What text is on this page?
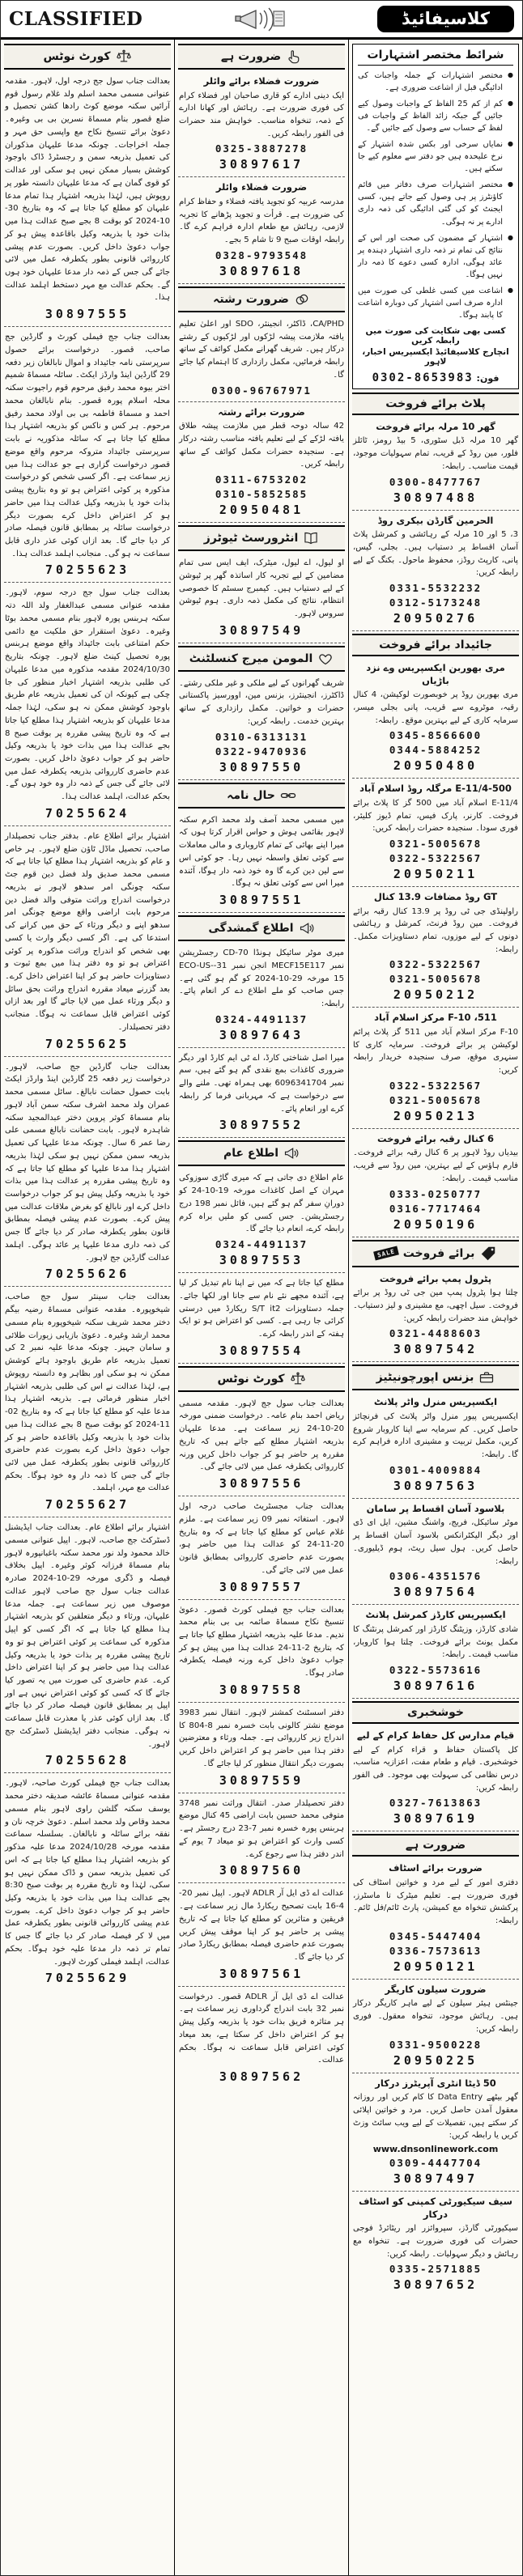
CLASSIFIED	کلاسیفائیڈ
کورٹ نوٹس
بعدالت جناب سول جج درجہ اول، لاہور۔ مقدمہ عنوانی مسمی محمد اسلم ولد غلام رسول قوم آرائیں سکنہ موضع کوٹ رادھا کشن تحصیل و ضلع قصور بنام مسماۃ نسرین بی بی وغیرہ۔ دعویٰ برائے تنسیخ نکاح مع واپسی حق مہر و جملہ اخراجات۔ چونکہ مدعا علیہان مذکوران کی تعمیل بذریعہ سمن و رجسٹرڈ ڈاک باوجود کوشش بسیار ممکن نہیں ہو سکی اور عدالت کو قوی گمان ہے کہ مدعا علیہان دانستہ طور پر روپوش ہیں، لہٰذا بذریعہ اشتہار ہذا تمام مدعا علیہان کو مطلع کیا جاتا ہے کہ وہ بتاریخ 30-10-2024 کو بوقت 8 بجے صبح عدالت ہذا میں بذات خود یا بذریعہ وکیل باقاعدہ پیش ہو کر جواب دعویٰ داخل کریں۔ بصورت عدم پیشی کارروائی قانونی بطور یکطرفہ عمل میں لائی جائے گی جس کے ذمہ دار مدعا علیہان خود ہوں گے۔ بحکم عدالت مع مہر دستخط اہلمد عدالت ہذا۔
30897555
بعدالت جناب جج فیملی کورٹ و گارڈین جج صاحب، قصور۔ درخواست برائے حصول سرپرستی نامہ جائیداد و اموال نابالغان زیر دفعہ 29 گارڈین اینڈ وارڈز ایکٹ۔ سائلہ مسماۃ شمیم اختر بیوہ محمد رفیق مرحوم قوم راجپوت سکنہ محلہ اسلام پورہ قصور۔ بنام نابالغان محمد احمد و مسماۃ فاطمہ بی بی اولاد محمد رفیق مرحوم۔ ہر کس و ناکس کو بذریعہ اشتہار ہذا مطلع کیا جاتا ہے کہ سائلہ مذکوریہ نے بابت سرپرستی جائیداد متروکہ مرحوم واقع موضع قصور درخواست گزاری ہے جو عدالت ہذا میں زیر سماعت ہے۔ اگر کسی شخص کو درخواست مذکورہ پر کوئی اعتراض ہو تو وہ بتاریخ پیشی بذات خود یا بذریعہ وکیل عدالت ہذا میں حاضر ہو کر اعتراض داخل کرے بصورت دیگر درخواست سائلہ پر بمطابق قانون فیصلہ صادر کر دیا جائے گا۔ بعد ازاں کوئی عذر داری قابل سماعت نہ ہو گی۔ منجانب اہلمد عدالت ہذا۔
70255623
بعدالت جناب سول جج درجہ سوم، لاہور۔ مقدمہ عنوانی مسمی عبدالغفار ولد اللہ دتہ سکنہ ہربنس پورہ لاہور بنام مسمی محمد بوٹا وغیرہ۔ دعویٰ استقرار حق ملکیت مع دائمی حکم امتناعی بابت جائیداد واقع موضع ہربنس پورہ تحصیل کینٹ ضلع لاہور۔ چونکہ بتاریخ 2024/10/30 مقدمہ مذکورہ میں مدعا علیہان کی طلبی بذریعہ اشتہار اخبار منظور کی جا چکی ہے کیونکہ ان کی تعمیل بذریعہ عام طریق باوجود کوشش ممکن نہ ہو سکی، لہٰذا جملہ مدعا علیہان کو بذریعہ اشتہار ہذا مطلع کیا جاتا ہے کہ وہ تاریخ پیشی مقررہ پر بوقت صبح 8 بجے عدالت ہذا میں بذات خود یا بذریعہ وکیل حاضر ہو کر جواب دعویٰ داخل کریں۔ بصورت عدم حاضری کارروائی بذریعہ یکطرفہ عمل میں لائی جائے گی جس کے ذمہ دار وہ خود ہوں گے۔ بحکم عدالت، اہلمد عدالت ہذا۔
70255624
اشتہار برائے اطلاع عام۔ بدفتر جناب تحصیلدار صاحب، تحصیل ماڈل ٹاؤن ضلع لاہور۔ ہر خاص و عام کو بذریعہ اشتہار ہذا مطلع کیا جاتا ہے کہ مسمی محمد صدیق ولد فضل دین قوم جٹ سکنہ چونگی امر سدھو لاہور نے بذریعہ درخواست اندراج وراثت متوفی والد فضل دین مرحوم بابت اراضی واقع موضع چونگی امر سدھو اپنے و دیگر ورثاء کے حق میں کرانے کی استدعا کی ہے۔ اگر کسی دیگر وارث یا کسی بھی شخص کو اندراج وراثت مذکورہ پر کوئی اعتراض ہو تو وہ دفتر ہذا میں بمع ثبوت و دستاویزات حاضر ہو کر اپنا اعتراض داخل کرے۔ بعد گزرنے میعاد مقررہ اندراج وراثت بحق سائل و دیگر ورثاء عمل میں لایا جائے گا اور بعد ازاں کوئی اعتراض قابل سماعت نہ ہوگا۔ منجانب دفتر تحصیلدار۔
70255625
بعدالت جناب گارڈین جج صاحب، لاہور۔ درخواست زیر دفعہ 25 گارڈین اینڈ وارڈز ایکٹ بابت حصول حضانت نابالغ۔ سائل مسمی محمد عمران ولد محمد اشرف سکنہ سمن آباد لاہور بنام مسماۃ کوثر پروین دختر عبدالمجید سکنہ شاہدرہ لاہور۔ بابت حضانت نابالغ مسمی علی رضا عمر 6 سال۔ چونکہ مدعا علیہا کی تعمیل بذریعہ سمن ممکن نہیں ہو سکی لہٰذا بذریعہ اشتہار ہذا مدعا علیہا کو مطلع کیا جاتا ہے کہ وہ تاریخ پیشی مقررہ پر عدالت ہذا میں بذات خود یا بذریعہ وکیل پیش ہو کر جواب درخواست داخل کرے اور نابالغ کو بغرض ملاقات عدالت میں پیش کرے۔ بصورت عدم پیشی فیصلہ بمطابق قانون بطور یکطرفہ صادر کر دیا جائے گا جس کی ذمہ داری مدعا علیہا پر عائد ہوگی۔ اہلمد عدالت گارڈین جج لاہور۔
70255626
بعدالت جناب سینئر سول جج صاحب، شیخوپورہ۔ مقدمہ عنوانی مسماۃ رضیہ بیگم دختر محمد شریف سکنہ شیخوپورہ بنام مسمی محمد ارشد وغیرہ۔ دعویٰ بازیابی زیورات طلائی و سامان جہیز۔ چونکہ مدعا علیہ نمبر 2 کی تعمیل بذریعہ عام طریق باوجود ہائے کوشش ممکن نہ ہو سکی اور بظاہر وہ دانستہ روپوش ہے، لہٰذا عدالت نے اس کی طلبی بذریعہ اشتہار اخبار منظور فرمائی ہے۔ بذریعہ اشتہار ہذا مدعا علیہ کو مطلع کیا جاتا ہے کہ وہ بتاریخ 02-11-2024 کو بوقت صبح 8 بجے عدالت ہذا میں بذات خود یا بذریعہ وکیل باقاعدہ حاضر ہو کر جواب دعویٰ داخل کرے بصورت عدم حاضری کارروائی قانونی بطور یکطرفہ عمل میں لائی جائے گی جس کا ذمہ دار وہ خود ہوگا۔ بحکم عدالت مع مہر، اہلمد۔
70255627
اشتہار برائے اطلاع عام۔ بعدالت جناب ایڈیشنل ڈسٹرکٹ جج صاحب، لاہور۔ اپیل عنوانی مسمی خالد محمود ولد نور محمد سکنہ باغبانپورہ لاہور بنام مسماۃ فرزانہ کوثر وغیرہ۔ اپیل بخلاف فیصلہ و ڈگری مورخہ 29-10-2024 صادرہ عدالت جناب سول جج صاحب لاہور عدالت موصوف میں زیر سماعت ہے۔ جملہ مدعا علیہان، ورثاء و دیگر متعلقین کو بذریعہ اشتہار ہذا مطلع کیا جاتا ہے کہ اگر کسی کو اپیل مذکورہ کی سماعت پر کوئی اعتراض ہو تو وہ تاریخ پیشی مقررہ پر بذات خود یا بذریعہ وکیل عدالت ہذا میں حاضر ہو کر اپنا اعتراض داخل کرے۔ عدم حاضری کی صورت میں یہ تصور کیا جائے گا کہ کسی کو کوئی اعتراض نہیں ہے اور اپیل پر بمطابق قانون فیصلہ صادر کر دیا جائے گا۔ بعد ازاں کوئی عذر یا معذرت قابل سماعت نہ ہوگی۔ منجانب دفتر ایڈیشنل ڈسٹرکٹ جج لاہور۔
70255628
بعدالت جناب جج فیملی کورٹ صاحبہ، لاہور۔ مقدمہ عنوانی مسماۃ عائشہ صدیقہ دختر محمد یوسف سکنہ گلشن راوی لاہور بنام مسمی محمد وقاص ولد محمد اسلم۔ دعویٰ خرچہ نان و نفقہ برائے سائلہ و نابالغان۔ بسلسلہ سماعت مقدمہ مورخہ 2024/10/28 مدعا علیہ مذکور کو بذریعہ اشتہار ہذا مطلع کیا جاتا ہے کہ اس کی تعمیل بذریعہ سمن و ڈاک ممکن نہیں ہو سکی، لہٰذا وہ تاریخ مقررہ پر بوقت صبح 8:30 بجے عدالت ہذا میں بذات خود یا بذریعہ وکیل حاضر ہو کر جواب دعویٰ داخل کرے۔ بصورت عدم پیشی کارروائی قانونی بطور یکطرفہ عمل میں لا کر فیصلہ صادر کر دیا جائے گا جس کا تمام تر ذمہ دار مدعا علیہ خود ہوگا۔ بحکم عدالت، اہلمد فیملی کورٹ لاہور۔
70255629
ضرورت ہے
ضرورت فضلاء برائے وائلر
ایک دینی ادارے کو قاری صاحبان اور فضلاء کرام کی فوری ضرورت ہے۔ رہائش اور کھانا ادارے کے ذمہ، تنخواہ مناسب۔ خواہش مند حضرات فی الفور رابطہ کریں۔
0325-3887278
30897617
ضرورت فضلاء وائلر
مدرسہ عربیہ کو تجوید یافتہ فضلاء و حفاظ کرام کی ضرورت ہے۔ قرأت و تجوید پڑھانے کا تجربہ لازمی، رہائش مع طعام ادارہ فراہم کرے گا۔ رابطہ اوقات صبح 9 تا شام 5 بجے۔
0328-9793548
30897618
ضرورت رشتہ
CA/PHD، ڈاکٹر، انجینئر، SDO اور اعلیٰ تعلیم یافتہ ملازمت پیشہ لڑکوں اور لڑکیوں کے رشتے درکار ہیں۔ شریف گھرانے مکمل کوائف کے ساتھ رابطہ فرمائیں، مکمل رازداری کا اہتمام کیا جائے گا۔
0300-96767971
ضرورت برائے رشتہ
42 سالہ دوحہ قطر میں ملازمت پیشہ طلاق یافتہ لڑکے کے لیے تعلیم یافتہ مناسب رشتہ درکار ہے۔ سنجیدہ حضرات مکمل کوائف کے ساتھ رابطہ کریں۔
0311-6753202
0310-5852585
20950481
انٹرورسٹ ٹیوٹرز
او لیول، اے لیول، میٹرک، ایف ایس سی تمام مضامین کے لیے تجربہ کار اساتذہ گھر پر ٹیوشن کے لیے دستیاب ہیں۔ کیمبرج سسٹم کا خصوصی انتظام، نتائج کی مکمل ذمہ داری۔ ہوم ٹیوشن سروس لاہور۔
30897549
المومن میرج کنسلٹنٹ
شریف گھرانوں کے لیے ملکی و غیر ملکی رشتے۔ ڈاکٹرز، انجینئرز، بزنس مین، اوورسیز پاکستانی حضرات و خواتین۔ مکمل رازداری کے ساتھ بہترین خدمت۔ رابطہ کریں:
0310-6313131
0322-9470936
30897550
حال نامہ
میں مسمی محمد آصف ولد محمد اکرم سکنہ لاہور بقائمی ہوش و حواس اقرار کرتا ہوں کہ میرا اپنے بھائی کے تمام کاروباری و مالی معاملات سے کوئی تعلق واسطہ نہیں رہا۔ جو کوئی اس سے لین دین کرے گا وہ خود ذمہ دار ہوگا، آئندہ میرا اس سے کوئی تعلق نہ ہوگا۔
30897551
اطلاع گمشدگی
میری موٹر سائیکل ہونڈا CD-70 رجسٹریشن نمبر MECF15E117 انجن نمبر 31-ECO-US-15 مورخہ 29-10-2024 کو گم ہو گئی ہے۔ جس صاحب کو ملے اطلاع دے کر انعام پائے۔ رابطہ:
0324-4491137
30897643
میرا اصل شناختی کارڈ، اے ٹی ایم کارڈ اور دیگر ضروری کاغذات بمع نقدی گم ہو گئے ہیں، سم نمبر 6096341704 بھی ہمراہ تھی۔ ملنے والے سے درخواست ہے کہ مہربانی فرما کر رابطہ کرے اور انعام پائے۔
30897552
اطلاع عام
عام اطلاع دی جاتی ہے کہ میری گاڑی سوزوکی مہران کے اصل کاغذات مورخہ 19-10-24 کو دورانِ سفر گم ہو گئے ہیں، فائل نمبر 198 درج رجسٹریشن۔ جس کسی کو ملیں براہ کرم رابطہ کرے، انعام دیا جائے گا۔
0324-4491137
30897553
مطلع کیا جاتا ہے کہ میں نے اپنا نام تبدیل کر لیا ہے، آئندہ مجھے نئے نام سے جانا اور لکھا جائے۔ جملہ دستاویزات S/T it2 ریکارڈ میں درستی کرائی جا رہی ہے۔ کسی کو اعتراض ہو تو ایک ہفتہ کے اندر رابطہ کرے۔
30897554
کورٹ نوٹس
بعدالت جناب سول جج لاہور۔ مقدمہ مسمی ریاض احمد بنام عامہ۔ درخواست ضمنی مورخہ 20-10-24 زیر سماعت ہے۔ مدعا علیہان بذریعہ اشتہار مطلع کیے جاتے ہیں کہ تاریخ مقررہ پر حاضر ہو کر جواب داخل کریں ورنہ کارروائی یکطرفہ عمل میں لائی جائے گی۔
30897556
بعدالت جناب مجسٹریٹ صاحب درجہ اول لاہور۔ استغاثہ نمبر 09 زیر سماعت ہے۔ ملزم غلام عباس کو مطلع کیا جاتا ہے کہ وہ بتاریخ 20-11-24 کو عدالت ہذا میں حاضر ہو، بصورت عدم حاضری کارروائی بمطابق قانون عمل میں لائی جائے گی۔
30897557
بعدالت جناب جج فیملی کورٹ قصور۔ دعویٰ تنسیخ نکاح مسماۃ صائمہ بی بی بنام محمد ندیم۔ مدعا علیہ بذریعہ اشتہار مطلع کیا جاتا ہے کہ بتاریخ 2-11-24 عدالت ہذا میں پیش ہو کر جواب دعویٰ داخل کرے ورنہ فیصلہ یکطرفہ صادر ہوگا۔
30897558
دفتر اسسٹنٹ کمشنر لاہور۔ انتقال نمبر 3983 موضع نشتر کالونی بابت خسرہ نمبر 8-804 کا اندراج زیر کارروائی ہے۔ جملہ ورثاء و معترضین دفتر ہذا میں حاضر ہو کر اعتراض داخل کریں بصورت دیگر انتقال منظور کر لیا جائے گا۔
30897559
دفتر تحصیلدار صدر۔ انتقال وراثت نمبر 3748 متوفی محمد حسین بابت اراضی 45 کنال موضع ہربنس پورہ خسرہ نمبر 7-23 درج رجسٹر ہے۔ کسی وارث کو اعتراض ہو تو میعاد 7 یوم کے اندر دفتر ہذا سے رجوع کرے۔
30897560
عدالت اے ڈی ایل آر ADLR لاہور۔ اپیل نمبر 20-4-16 بابت تصحیح ریکارڈ مال زیر سماعت ہے۔ فریقین و متاثرین کو مطلع کیا جاتا ہے کہ تاریخ پیشی پر حاضر ہو کر اپنا موقف پیش کریں بصورت عدم حاضری فیصلہ بمطابق ریکارڈ صادر کر دیا جائے گا۔
30897561
عدالت اے ڈی ایل آر ADLR قصور۔ درخواست نمبر 32 بابت اندراج گرداوری زیر سماعت ہے۔ ہر متاثرہ فریق بذات خود یا بذریعہ وکیل پیش ہو کر اعتراض داخل کر سکتا ہے، بعد میعاد کوئی اعتراض قابل سماعت نہ ہوگا۔ بحکم عدالت۔
30897562
شرائط مختصر اشتہارات
● مختصر اشتہارات کے جملہ واجبات کی ادائیگی قبل از اشاعت ضروری ہے۔
● کم از کم 25 الفاظ کے واجبات وصول کیے جائیں گے جبکہ زائد الفاظ کے واجبات فی لفظ کے حساب سے وصول کیے جائیں گے۔
● نمایاں سرخی اور بکس شدہ اشتہار کے نرخ علیحدہ ہیں جو دفتر سے معلوم کیے جا سکتے ہیں۔
● مختصر اشتہارات صرف دفاتر میں قائم کاؤنٹرز پر ہی وصول کیے جاتے ہیں، کسی ایجنٹ کو کی گئی ادائیگی کی ذمہ داری ادارے پر نہ ہوگی۔
● اشتہار کے مضمون کی صحت اور اس کے نتائج کی تمام تر ذمہ داری اشتہار دہندہ پر عائد ہوگی، ادارہ کسی دعوے کا ذمہ دار نہیں ہوگا۔
● اشاعت میں کسی غلطی کی صورت میں ادارہ صرف اسی اشتہار کی دوبارہ اشاعت کا پابند ہوگا۔
کسی بھی شکایت کی صورت میں رابطہ کریں
انچارج کلاسیفائیڈ ایکسپریس اخبار، لاہور
فون: 0302-8653983
پلاٹ برائے فروخت
گھر 10 مرلہ برائے فروخت
گھر 10 مرلہ ڈبل سٹوری، 5 بیڈ رومز، ٹائلز فلور، مین روڈ کے قریب، تمام سہولیات موجود، قیمت مناسب۔ رابطہ:
0300-8477767
30897488
الحرمین گارڈن بیکری روڈ
3، 5 اور 10 مرلہ کے رہائشی و کمرشل پلاٹ آسان اقساط پر دستیاب ہیں۔ بجلی، گیس، پانی، کارپٹ روڈز، محفوظ ماحول۔ بکنگ کے لیے رابطہ کریں:
0331-5532232
0312-5173248
20950276
جائیداد برائے فروخت
مری بھوربن ایکسپریس وے نزد باڑیاں
مری بھوربن روڈ پر خوبصورت لوکیشن، 4 کنال رقبہ، موٹروے سے قریب، پانی بجلی میسر، سرمایہ کاری کے لیے بہترین موقع۔ رابطہ:
0345-8566600
0344-5884252
20950480
500-E-11/4 مرگلہ روڈ اسلام آباد
E-11/4 اسلام آباد میں 500 گز کا پلاٹ برائے فروخت۔ کارنر، پارک فیس، تمام ڈیوز کلیئر، فوری سودا۔ سنجیدہ حضرات رابطہ کریں:
0321-5005678
0322-5322567
20950211
GT روڈ مضافات 13.9 کنال
راولپنڈی جی ٹی روڈ پر 13.9 کنال رقبہ برائے فروخت۔ مین روڈ فرنٹ، کمرشل و رہائشی دونوں کے لیے موزوں، تمام دستاویزات مکمل۔ رابطہ:
0322-5322567
0321-5005678
20950212
511، F-10 مرکز اسلام آباد
F-10 مرکز اسلام آباد میں 511 گز پلاٹ پرائم لوکیشن پر برائے فروخت۔ سرمایہ کاری کا سنہری موقع، صرف سنجیدہ خریدار رابطہ کریں:
0322-5322567
0321-5005678
20950213
6 کنال رقبہ برائے فروخت
بیدیاں روڈ لاہور پر 6 کنال رقبہ برائے فروخت۔ فارم ہاؤس کے لیے بہترین، مین روڈ سے قریب، مناسب قیمت۔ رابطہ:
0333-0250777
0316-7717464
20950196
برائے فروخت
SALE
پٹرول پمپ برائے فروخت
چلتا ہوا پٹرول پمپ مین جی ٹی روڈ پر برائے فروخت۔ سیل اچھی، مع مشینری و لیز دستیاب۔ خواہش مند حضرات رابطہ کریں:
0321-4488603
30897542
بزنس اپورچونیٹیز
ایکسپریس منرل واٹر پلانٹ
ایکسپریس پیور منرل واٹر پلانٹ کی فرنچائز حاصل کریں۔ کم سرمایہ سے اپنا کاروبار شروع کریں، مکمل تربیت و مشینری ادارہ فراہم کرے گا۔ رابطہ:
0301-4009884
30897563
بلاسود آسان اقساط پر سامان
موٹر سائیکل، فریج، واشنگ مشین، ایل ای ڈی اور دیگر الیکٹرانکس بلاسود آسان اقساط پر حاصل کریں۔ ہول سیل ریٹ، ہوم ڈیلیوری۔ رابطہ:
0306-4351576
30897564
ایکسپریس کارڈز کمرشل پلانٹ
شادی کارڈز، وزیٹنگ کارڈز اور کمرشل پرنٹنگ کا مکمل یونٹ برائے فروخت۔ چلتا ہوا کاروبار، مناسب قیمت۔ رابطہ:
0322-5573616
30897616
خوشخبری
قیام مدارس کل حفاظ کرام کے لیے
کل پاکستان حفاظ و قراء کرام کے لیے خوشخبری۔ قیام و طعام مفت، اعزازیہ مناسب، درس نظامی کی سہولت بھی موجود۔ فی الفور رابطہ کریں:
0327-7613863
30897619
ضرورت ہے
ضرورت برائے اسٹاف
دفتری امور کے لیے مرد و خواتین اسٹاف کی فوری ضرورت ہے۔ تعلیم میٹرک تا ماسٹرز، پرکشش تنخواہ مع کمیشن، پارٹ ٹائم/فل ٹائم۔ رابطہ:
0345-5447404
0336-7573613
20950121
ضرورت سیلون کاریگر
جینٹس ہیئر سیلون کے لیے ماہر کاریگر درکار ہیں۔ رہائش موجود، تنخواہ معقول۔ فوری رابطہ کریں:
0331-9500228
20950225
50 ڈیٹا انٹری آپریٹرز درکار
گھر بیٹھے Data Entry کا کام کریں اور روزانہ معقول آمدن حاصل کریں۔ مرد و خواتین اپلائی کر سکتے ہیں، تفصیلات کے لیے ویب سائٹ وزٹ کریں یا رابطہ کریں:
www.dnsonlinework.com
0309-4447704
30897497
سیف سیکیورٹی کمپنی کو اسٹاف درکار
سیکیورٹی گارڈز، سپروائزر اور ریٹائرڈ فوجی حضرات کی فوری ضرورت ہے۔ تنخواہ مع رہائش و دیگر سہولیات۔ رابطہ کریں:
0335-2571885
30897652
